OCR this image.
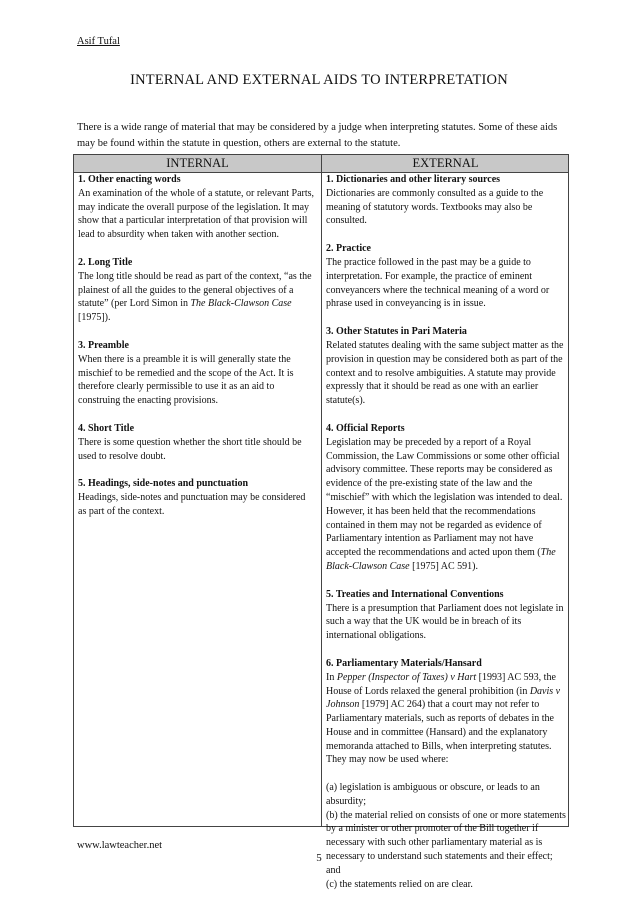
Asif Tufal
INTERNAL AND EXTERNAL AIDS TO INTERPRETATION
There is a wide range of material that may be considered by a judge when interpreting statutes. Some of these aids may be found within the statute in question, others are external to the statute.
INTERNAL	EXTERNAL
1. Other enacting words

An examination of the whole of a statute, or relevant Parts, may indicate the overall purpose of the legislation. It may show that a particular interpretation of that provision will lead to absurdity when taken with another section.

2. Long Title

The long title should be read as part of the context, “as the plainest of all the guides to the general objectives of a statute” (per Lord Simon in The Black-Clawson Case [1975]).

3. Preamble

When there is a preamble it is will generally state the mischief to be remedied and the scope of the Act. It is therefore clearly permissible to use it as an aid to construing the enacting provisions.

4. Short Title

There is some question whether the short title should be used to resolve doubt.

5. Headings, side-notes and punctuation

Headings, side-notes and punctuation may be considered as part of the context.

1. Dictionaries and other literary sources

Dictionaries are commonly consulted as a guide to the meaning of statutory words. Textbooks may also be consulted.

2. Practice

The practice followed in the past may be a guide to interpretation. For example, the practice of eminent conveyancers where the technical meaning of a word or phrase used in conveyancing is in issue.

3. Other Statutes in Pari Materia

Related statutes dealing with the same subject matter as the provision in question may be considered both as part of the context and to resolve ambiguities. A statute may provide expressly that it should be read as one with an earlier statute(s).

4. Official Reports

Legislation may be preceded by a report of a Royal Commission, the Law Commissions or some other official advisory committee. These reports may be considered as evidence of the pre-existing state of the law and the “mischief” with which the legislation was intended to deal. However, it has been held that the recommendations contained in them may not be regarded as evidence of Parliamentary intention as Parliament may not have accepted the recommendations and acted upon them (The Black-Clawson Case [1975] AC 591).

5. Treaties and International Conventions

There is a presumption that Parliament does not legislate in such a way that the UK would be in breach of its international obligations.

6. Parliamentary Materials/Hansard

In Pepper (Inspector of Taxes) v Hart [1993] AC 593, the House of Lords relaxed the general prohibition (in Davis v Johnson [1979] AC 264) that a court may not refer to Parliamentary materials, such as reports of debates in the House and in committee (Hansard) and the explanatory memoranda attached to Bills, when interpreting statutes. They may now be used where:

(a) legislation is ambiguous or obscure, or leads to an absurdity;
(b) the material relied on consists of one or more statements by a minister or other promoter of the Bill together if necessary with such other parliamentary material as is necessary to understand such statements and their effect; and
(c) the statements relied on are clear.

www.lawteacher.net
5
